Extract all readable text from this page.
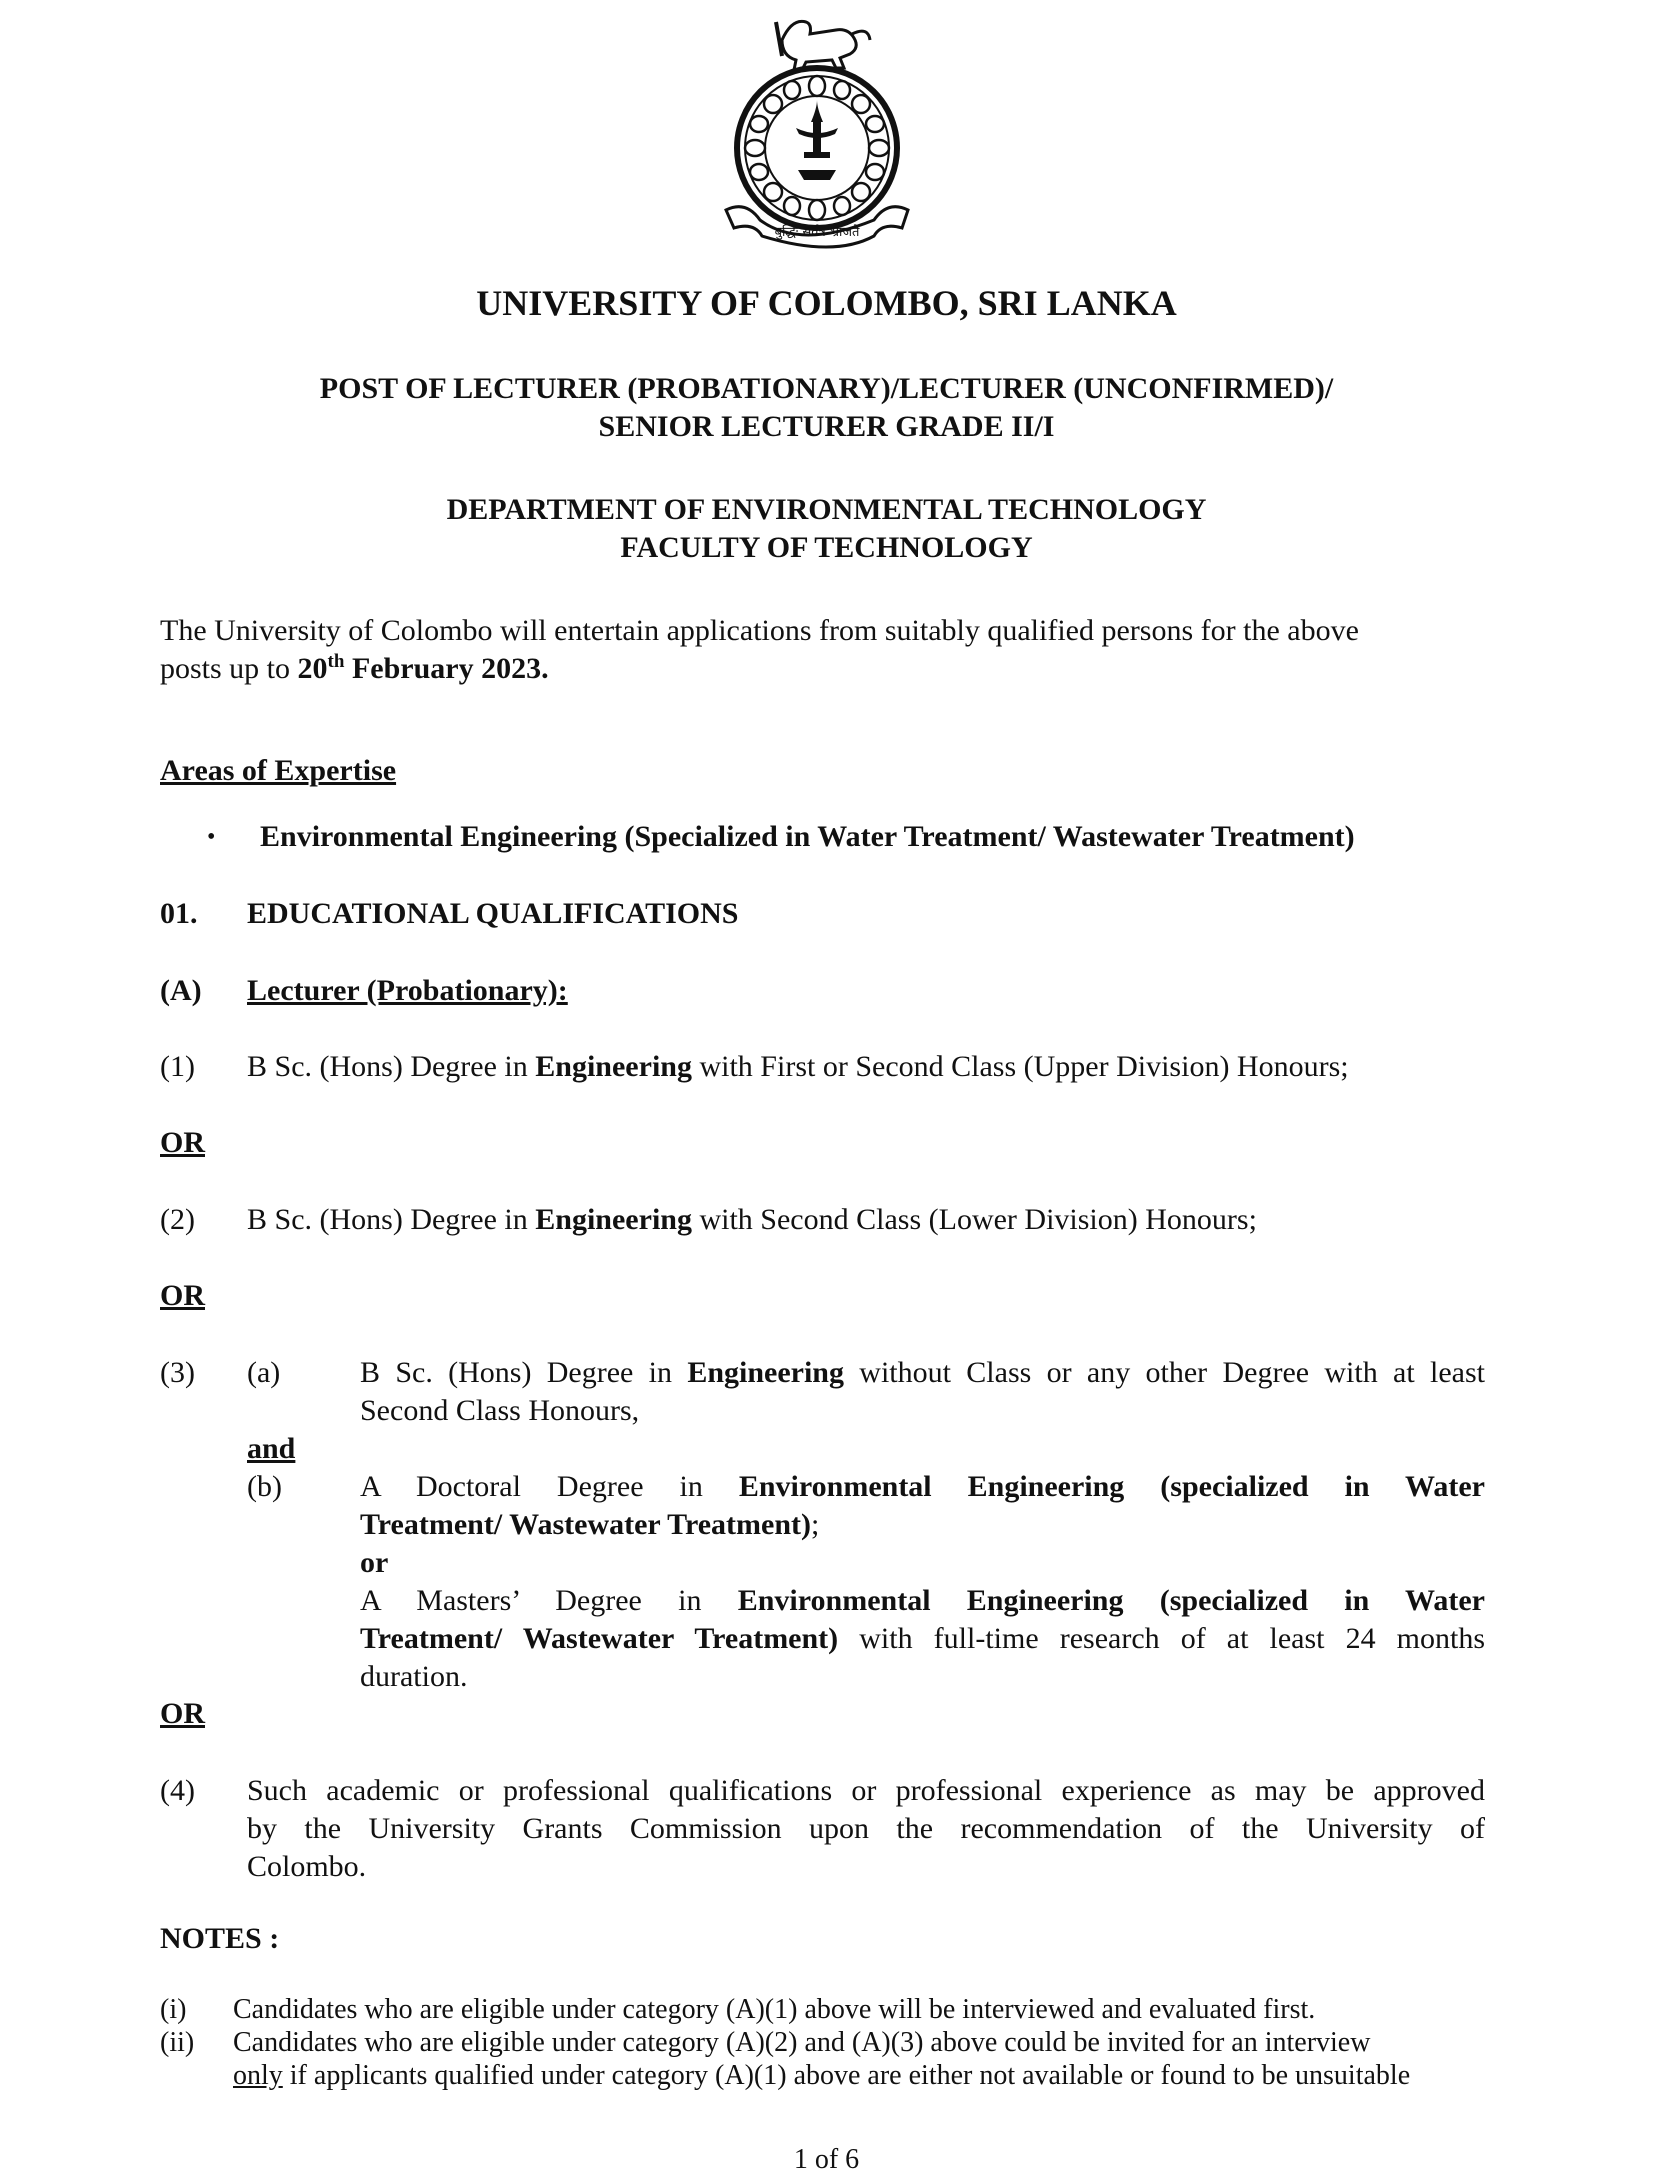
बुद्धिः सर्वत्र भ्राजते
UNIVERSITY OF COLOMBO, SRI LANKA
POST OF LECTURER (PROBATIONARY)/LECTURER (UNCONFIRMED)/
SENIOR LECTURER GRADE II/I
DEPARTMENT OF ENVIRONMENTAL TECHNOLOGY
FACULTY OF TECHNOLOGY
The University of Colombo will entertain applications from suitably qualified persons for the above
posts up to 20th February 2023.
Areas of Expertise
• Environmental Engineering (Specialized in Water Treatment/ Wastewater Treatment)
01. EDUCATIONAL QUALIFICATIONS
(A) Lecturer (Probationary):
(1) B Sc. (Hons) Degree in Engineering with First or Second Class (Upper Division) Honours;
OR
(2) B Sc. (Hons) Degree in Engineering with Second Class (Lower Division) Honours;
OR
(3) (a)	B Sc. (Hons) Degree in Engineering without Class or any other Degree with at least
Second Class Honours,
and
(b)	A Doctoral Degree in Environmental Engineering (specialized in Water
Treatment/ Wastewater Treatment);
or
A Masters’ Degree in Environmental Engineering (specialized in Water
Treatment/ Wastewater Treatment) with full-time research of at least 24 months
duration.
OR
(4) Such academic or professional qualifications or professional experience as may be approved
by the University Grants Commission upon the recommendation of the University of
Colombo.
NOTES :
(i) Candidates who are eligible under category (A)(1) above will be interviewed and evaluated first.
(ii) Candidates who are eligible under category (A)(2) and (A)(3) above could be invited for an interview
only if applicants qualified under category (A)(1) above are either not available or found to be unsuitable
1 of 6
